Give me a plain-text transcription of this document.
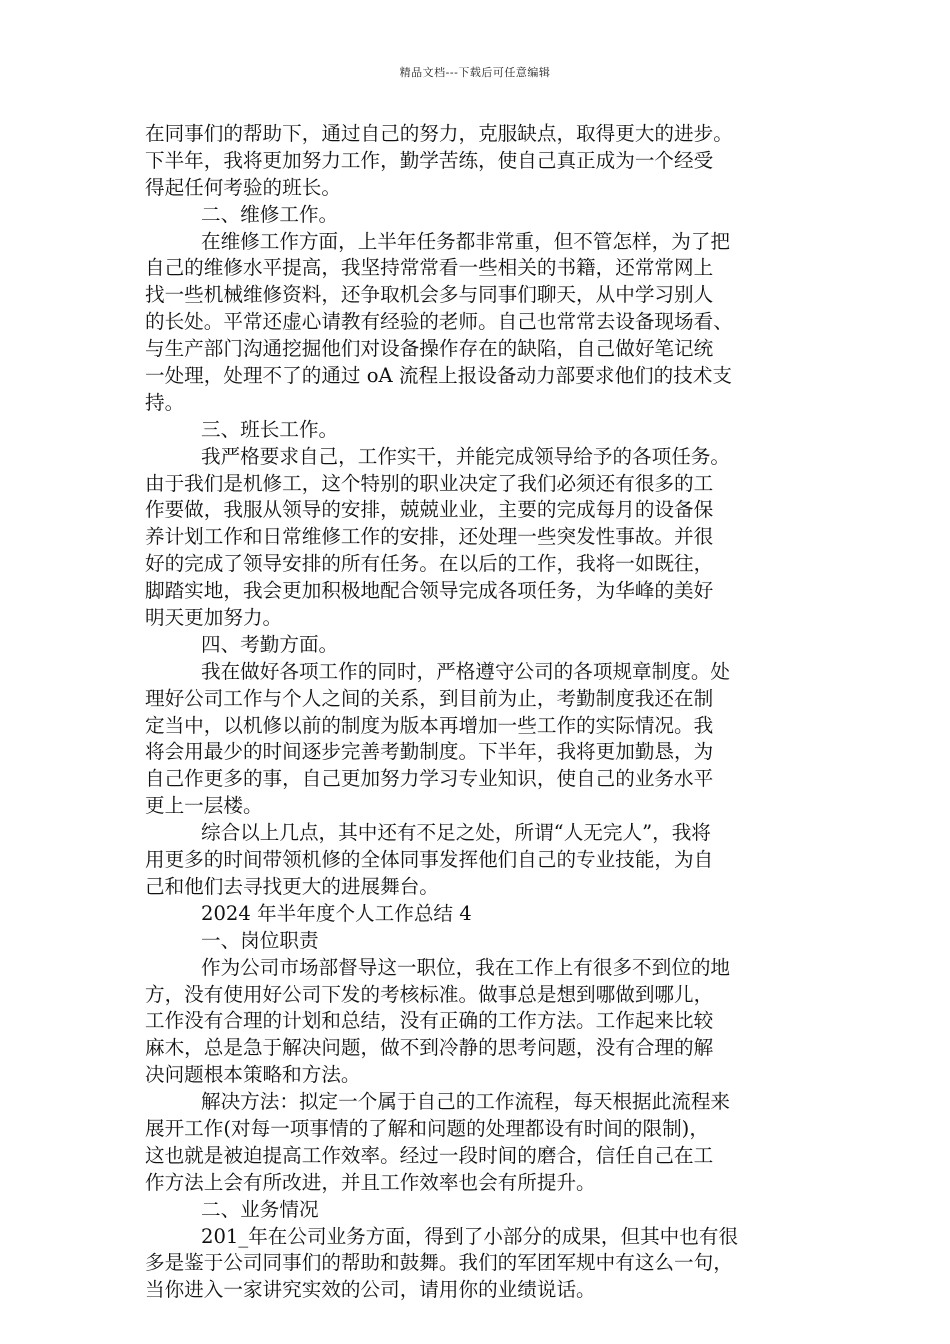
精品文档---下载后可任意编辑
在同事们的帮助下，通过自己的努力，克服缺点，取得更大的进步。
下半年，我将更加努力工作，勤学苦练，使自己真正成为一个经受
得起任何考验的班长。
二、维修工作。
在维修工作方面，上半年任务都非常重，但不管怎样，为了把
自己的维修水平提高，我坚持常常看一些相关的书籍，还常常网上
找一些机械维修资料，还争取机会多与同事们聊天，从中学习别人
的长处。平常还虚心请教有经验的老师。自己也常常去设备现场看、
与生产部门沟通挖掘他们对设备操作存在的缺陷，自己做好笔记统
一处理，处理不了的通过 oA 流程上报设备动力部要求他们的技术支
持。
三、班长工作。
我严格要求自己，工作实干，并能完成领导给予的各项任务。
由于我们是机修工，这个特别的职业决定了我们必须还有很多的工
作要做，我服从领导的安排，兢兢业业，主要的完成每月的设备保
养计划工作和日常维修工作的安排，还处理一些突发性事故。并很
好的完成了领导安排的所有任务。在以后的工作，我将一如既往，
脚踏实地，我会更加积极地配合领导完成各项任务，为华峰的美好
明天更加努力。
四、考勤方面。
我在做好各项工作的同时，严格遵守公司的各项规章制度。处
理好公司工作与个人之间的关系，到目前为止，考勤制度我还在制
定当中，以机修以前的制度为版本再增加一些工作的实际情况。我
将会用最少的时间逐步完善考勤制度。下半年，我将更加勤恳，为
自己作更多的事，自己更加努力学习专业知识，使自己的业务水平
更上一层楼。
综合以上几点，其中还有不足之处，所谓“人无完人”，我将
用更多的时间带领机修的全体同事发挥他们自己的专业技能，为自
己和他们去寻找更大的进展舞台。
2024 年半年度个人工作总结 4
一、岗位职责
作为公司市场部督导这一职位，我在工作上有很多不到位的地
方，没有使用好公司下发的考核标准。做事总是想到哪做到哪儿，
工作没有合理的计划和总结，没有正确的工作方法。工作起来比较
麻木，总是急于解决问题，做不到冷静的思考问题，没有合理的解
决问题根本策略和方法。
解决方法：拟定一个属于自己的工作流程，每天根据此流程来
展开工作(对每一项事情的了解和问题的处理都设有时间的限制)，
这也就是被迫提高工作效率。经过一段时间的磨合，信任自己在工
作方法上会有所改进，并且工作效率也会有所提升。
二、业务情况
201_年在公司业务方面，得到了小部分的成果，但其中也有很
多是鉴于公司同事们的帮助和鼓舞。我们的军团军规中有这么一句，
当你进入一家讲究实效的公司，请用你的业绩说话。
